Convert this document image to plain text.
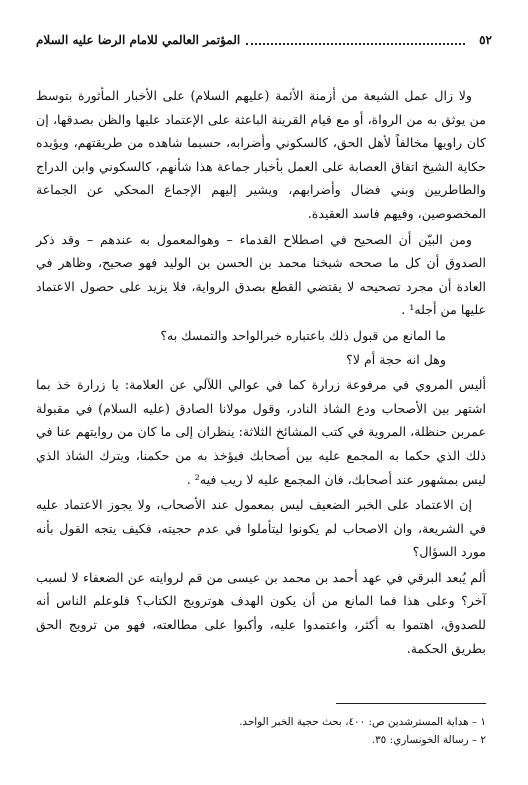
٥٢
المؤتمر العالمي للامام الرضا عليه السلام

ولا زال عمل الشيعة من أزمنة الأئمة (عليهم السلام) على الأخبار المأثورة بتوسط من يوثق به من الرواة، أو مع قيام القرينة الباعثة على الإعتماد عليها والظن بصدقها، إن كان راويها مخالفاً لأهل الحق، كالسكوني وأضرابه، حسبما شاهده من طريقتهم، ويؤيده حكاية الشيخ اتفاق العصابة على العمل بأخبار جماعة هذا شأنهم، كالسكوني وابن الدراج والطاطريين وبني فضال وأضرابهم، ويشير إليهم الإجماع المحكي عن الجماعة المخصوصين، وفيهم فاسد العقيدة.

ومن البيّن أن الصحيح في اصطلاح القدماء – وهوالمعمول به عندهم – وقد ذكر الصدوق أن كل ما صححه شيخنا محمد بن الحسن بن الوليد فهو صحيح، وظاهر في العادة أن مجرد تصحيحه لا يقتضي القطع بصدق الرواية، فلا يزيد على حصول الاعتماد عليها من أجله¹ .

ما المانع من قبول ذلك باعتباره خبرالواحد والتمسك به؟

وهل انه حجة أم لا؟

أليس المروي في مرفوعة زرارة كما في عوالي اللآلي عن العلامة: يا زرارة خذ بما اشتهر بين الأصحاب ودع الشاذ النادر، وقول مولانا الصادق (عليه السلام) في مقبولة عمربن حنظلة، المروية في كتب المشائخ الثلاثة: ينظران إلى ما كان من روايتهم عنا في ذلك الذي حكما به المجمع عليه بين أصحابك فيؤخذ به من حكمنا، ويترك الشاذ الذي ليس بمشهور عند أصحابك، فان المجمع عليه لا ريب فيه² .

إن الاعتماد على الخبر الضعيف ليس بمعمول عند الأصحاب، ولا يجوز الاعتماد عليه في الشريعة، وان الاصحاب لم يكونوا ليتأملوا في عدم حجيته، فكيف يتجه القول بأنه مورد السؤال؟

ألم يُبعد البرقي في عهد أحمد بن محمد بن عيسى من قم لروايته عن الضعفاء لا لسبب آخر؟ وعلى هذا فما المانع من أن يكون الهدف هوترويج الكتاب؟ فلوعلم الناس أنه للصدوق، اهتموا به أكثر، واعتمدوا عليه، وأكبوا على مطالعته، فهو من ترويج الحق بطريق الحكمة.

١ – هداية المسترشدين ص: ٤٠٠، بحث حجية الخبر الواحد.
٢ – رسالة الخونساري: ٣٥.
